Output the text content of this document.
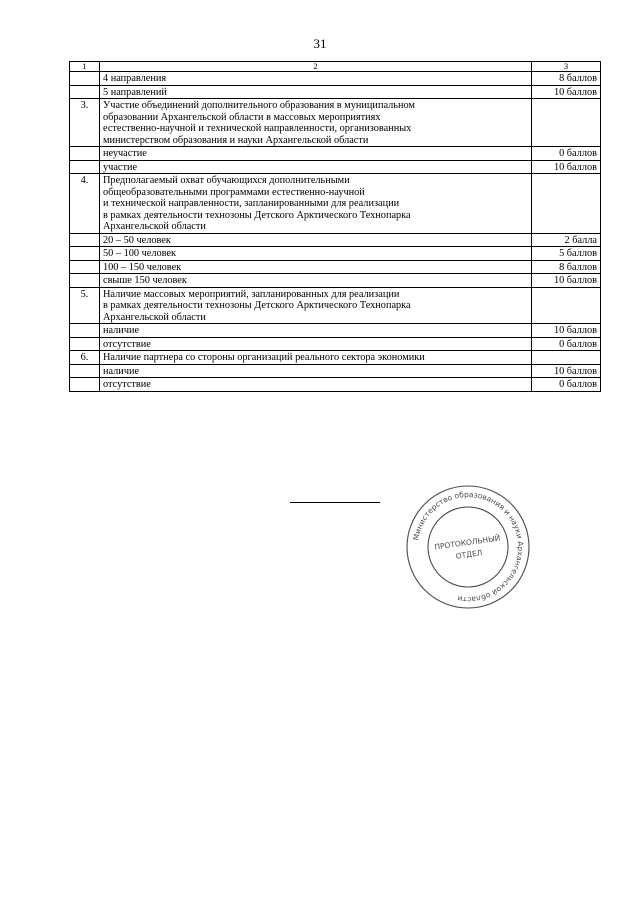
31
1	2	3
	4 направления	8 баллов
	5 направлений	10 баллов
3.	Участие объединений дополнительного образования в муниципальном
образовании Архангельской области в массовых мероприятиях
естественно-научной и технической направленности, организованных
министерством образования и науки Архангельской области	
	неучастие	0 баллов
	участие	10 баллов
4.	Предполагаемый охват обучающихся дополнительными
общеобразовательными программами естественно-научной
и технической направленности, запланированными для реализации
в рамках деятельности технозоны Детского Арктического Технопарка
Архангельской области	
	20 – 50 человек	2 балла
	50 – 100 человек	5 баллов
	100 – 150 человек	8 баллов
	свыше 150 человек	10 баллов
5.	Наличие массовых мероприятий, запланированных для реализации
в рамках деятельности технозоны Детского Арктического Технопарка
Архангельской области	
	наличие	10 баллов
	отсутствие	0 баллов
6.	Наличие партнера со стороны организаций реального сектора экономики	
	наличие	10 баллов
	отсутствие	0 баллов
Министерство образования и науки Архангельской области
ПРОТОКОЛЬНЫЙ
ОТДЕЛ
